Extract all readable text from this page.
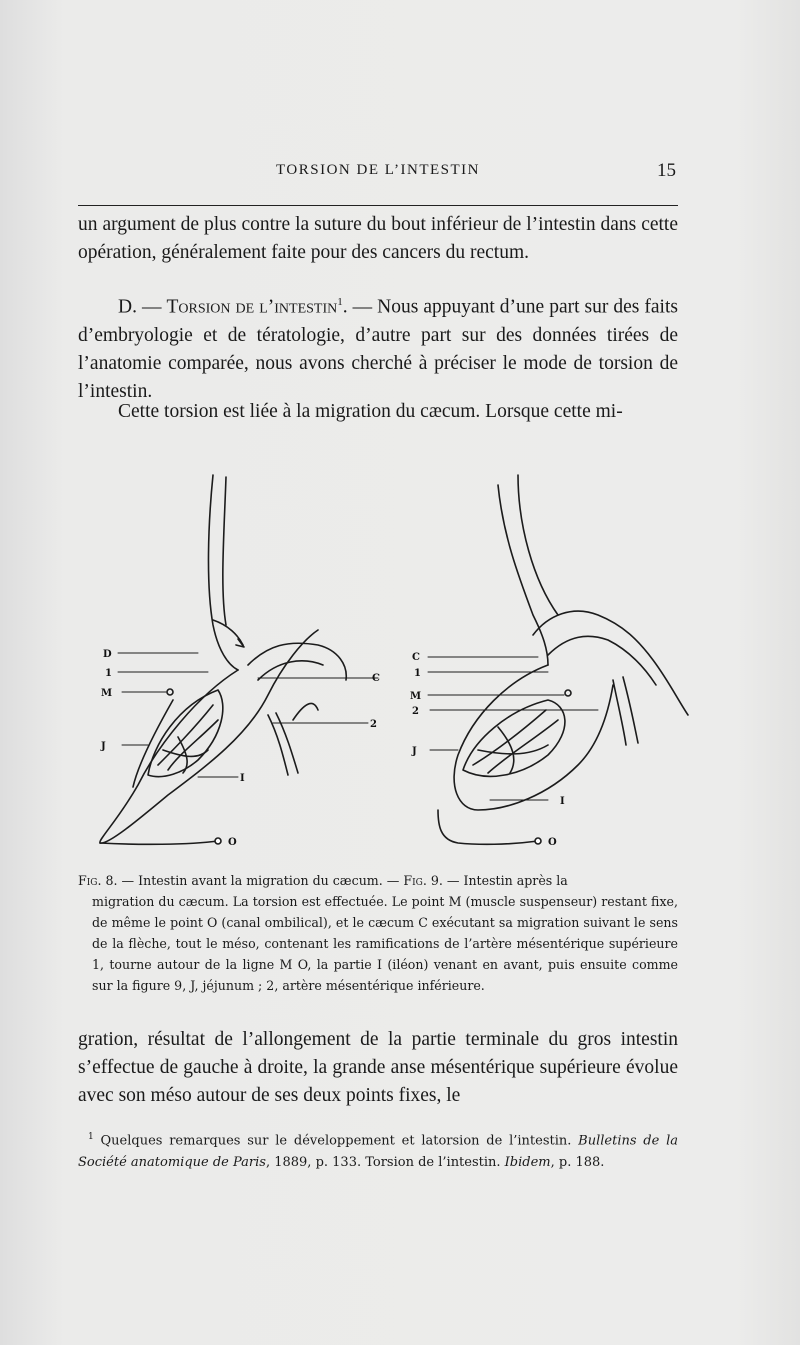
TORSION DE L’INTESTIN	15

un argument de plus contre la suture du bout inférieur de l’intestin dans cette opération, généralement faite pour des cancers du rectum.

D. — Torsion de l’intestin$^1$. — Nous appuyant d’une part sur des faits d’embryologie et de tératologie, d’autre part sur des données tirées de l’anatomie comparée, nous avons cherché à préciser le mode de torsion de l’intestin.

Cette torsion est liée à la migration du cæcum. Lorsque cette mi-

D
1
M
J
C
2
I
O
C
1
M
2
J
I
O
Fig. 8. — Intestin avant la migration du cæcum. — Fig. 9. — Intestin après la
migration du cæcum. La torsion est effectuée. Le point M (muscle suspenseur) restant fixe, de même le point O (canal ombilical), et le cæcum C exécutant sa migration suivant le sens de la flèche, tout le méso, contenant les ramifications de l’artère mésentérique supérieure 1, tourne autour de la ligne M O, la partie I (iléon) venant en avant, puis ensuite comme sur la figure 9, J, jéjunum ; 2, artère mésentérique inférieure.

gration, résultat de l’allongement de la partie terminale du gros intestin s’effectue de gauche à droite, la grande anse mésentérique supérieure évolue avec son méso autour de ses deux points fixes, le

$^1$ Quelques remarques sur le développement et latorsion de l’intestin. Bulletins de la Société anatomique de Paris, 1889, p. 133. Torsion de l’intestin. Ibidem, p. 188.
